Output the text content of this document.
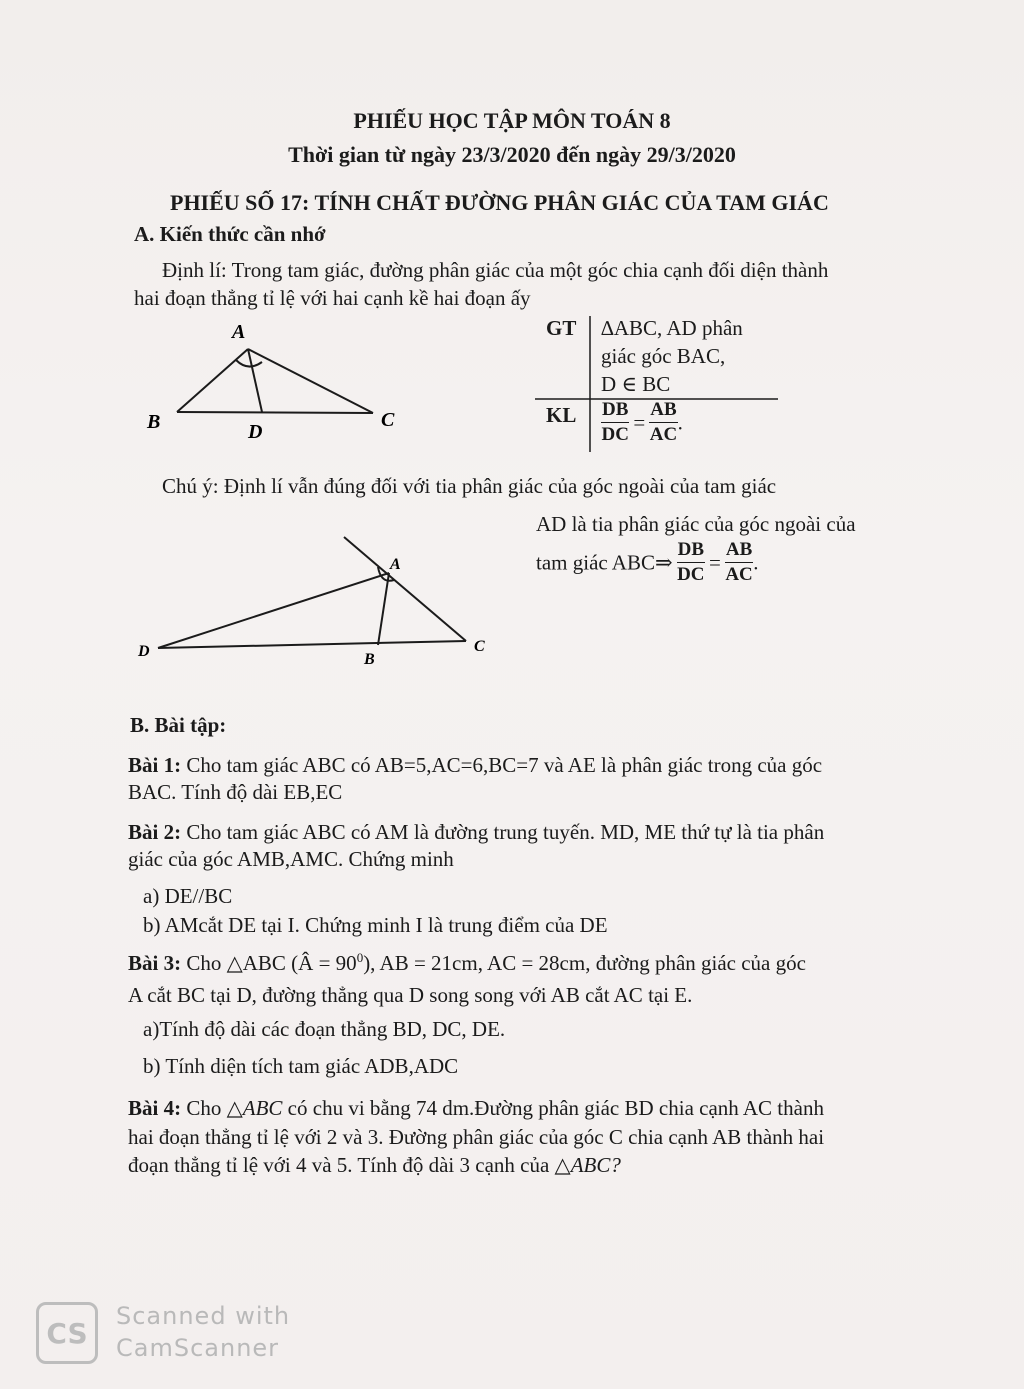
PHIẾU HỌC TẬP MÔN TOÁN 8
Thời gian từ ngày 23/3/2020 đến ngày 29/3/2020
PHIẾU SỐ 17: TÍNH CHẤT ĐƯỜNG PHÂN GIÁC CỦA TAM GIÁC
A. Kiến thức cần nhớ
Định lí: Trong tam giác, đường phân giác của một góc chia cạnh đối diện thành
hai đoạn thẳng tỉ lệ với hai cạnh kề hai đoạn ấy
A
B	C
D
A
B
C
D
GT ∆ABC, AD phân
giác góc BAC,
D ∈ BC
KL $\frac{DB}{DC} = \frac{AB}{AC}$ .
Chú ý: Định lí vẫn đúng đối với tia phân giác của góc ngoài của tam giác
AD là tia phân giác của góc ngoài của
tam giác ABC⇒ $\frac{DB}{DC} = \frac{AB}{AC}$ .
B. Bài tập:
Bài 1: Cho tam giác ABC có AB=5,AC=6,BC=7 và AE là phân giác trong của góc
BAC. Tính độ dài EB,EC
Bài 2: Cho tam giác ABC có AM là đường trung tuyến. MD, ME thứ tự là tia phân
giác của góc AMB,AMC. Chứng minh
a) DE//BC
b) AMcắt DE tại I. Chứng minh I là trung điểm của DE
Bài 3: Cho △ABC (Â = $90^0$), AB = 21cm, AC = 28cm, đường phân giác của góc
A cắt BC tại D, đường thẳng qua D song song với AB cắt AC tại E.
a)Tính độ dài các đoạn thẳng BD, DC, DE.
b) Tính diện tích tam giác ADB,ADC
Bài 4: Cho △ABC có chu vi bằng 74 dm.Đường phân giác BD chia cạnh AC thành
hai đoạn thẳng tỉ lệ với 2 và 3. Đường phân giác của góc C chia cạnh AB thành hai
đoạn thẳng tỉ lệ với 4 và 5. Tính độ dài 3 cạnh của △ABC?
CS
Scanned with
CamScanner
